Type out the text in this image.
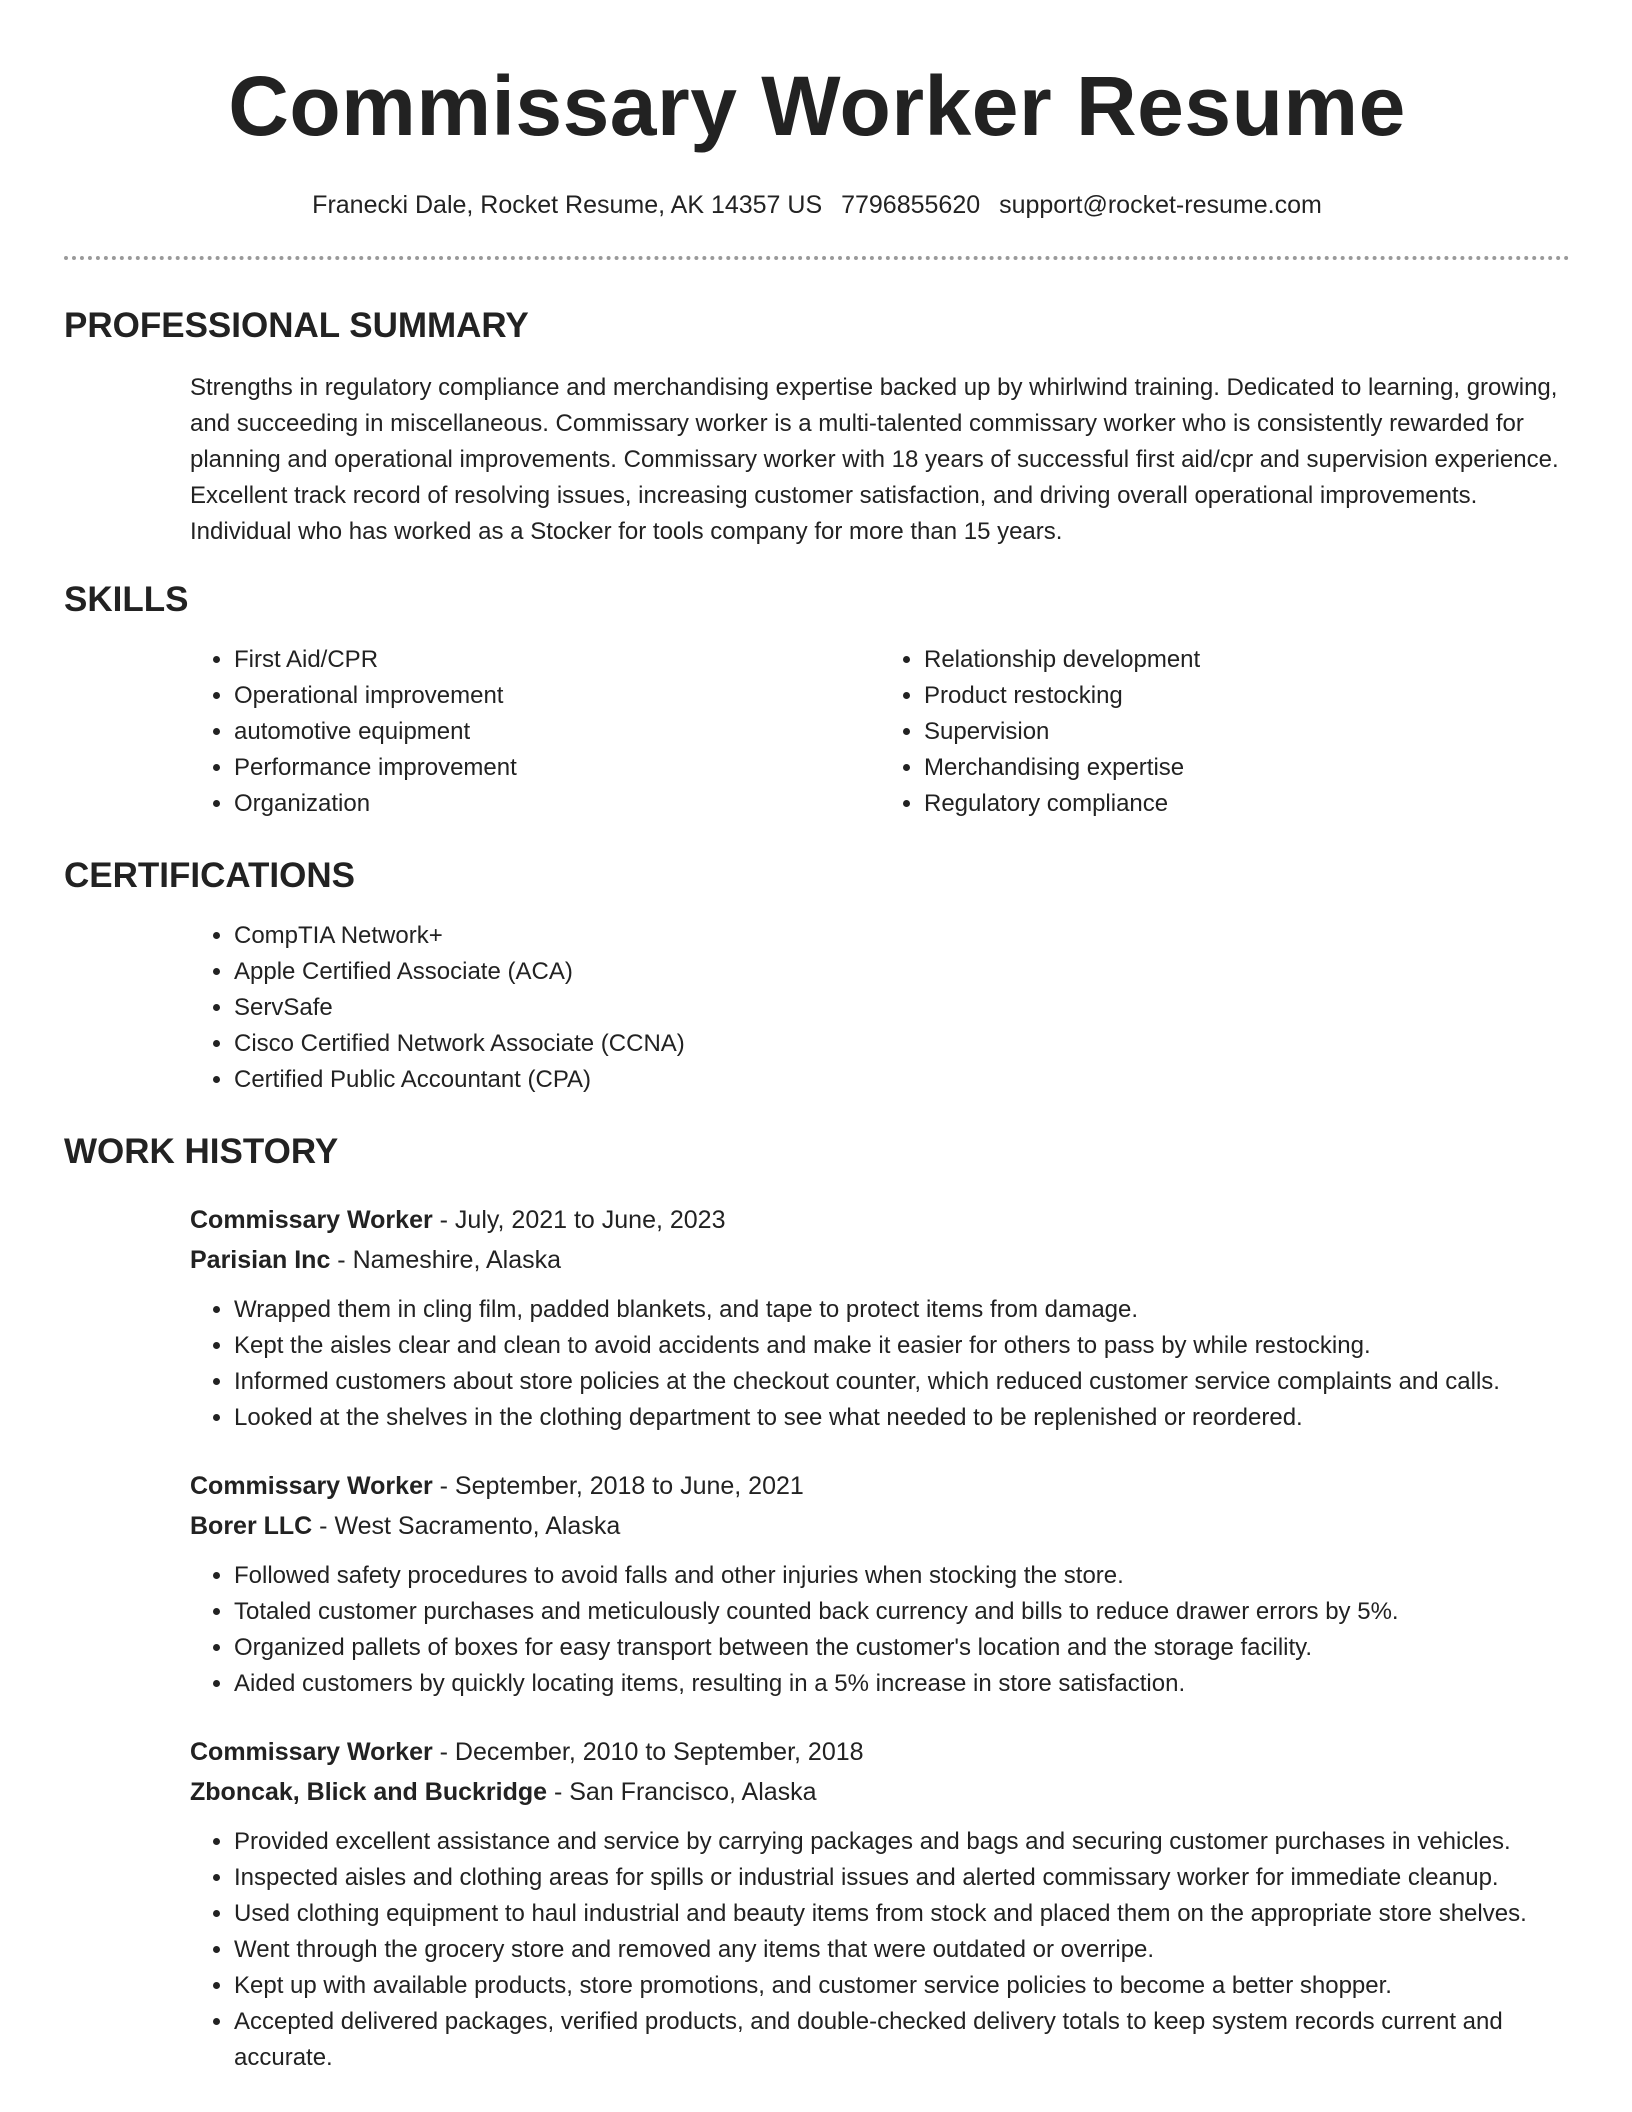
Commissary Worker Resume
Franecki Dale, Rocket Resume, AK 14357 US 7796855620 support@rocket-resume.com
PROFESSIONAL SUMMARY

Strengths in regulatory compliance and merchandising expertise backed up by whirlwind training. Dedicated to learning, growing, and succeeding in miscellaneous. Commissary worker is a multi-talented commissary worker who is consistently rewarded for planning and operational improvements. Commissary worker with 18 years of successful first aid/cpr and supervision experience. Excellent track record of resolving issues, increasing customer satisfaction, and driving overall operational improvements. Individual who has worked as a Stocker for tools company for more than 15 years.

SKILLS
• First Aid/CPR
• Operational improvement
• automotive equipment
• Performance improvement
• Organization
• Relationship development
• Product restocking
• Supervision
• Merchandising expertise
• Regulatory compliance
CERTIFICATIONS
• CompTIA Network+
• Apple Certified Associate (ACA)
• ServSafe
• Cisco Certified Network Associate (CCNA)
• Certified Public Accountant (CPA)
WORK HISTORY
Commissary Worker - July, 2021 to June, 2023
Parisian Inc - Nameshire, Alaska
• Wrapped them in cling film, padded blankets, and tape to protect items from damage.
• Kept the aisles clear and clean to avoid accidents and make it easier for others to pass by while restocking.
• Informed customers about store policies at the checkout counter, which reduced customer service complaints and calls.
• Looked at the shelves in the clothing department to see what needed to be replenished or reordered.
Commissary Worker - September, 2018 to June, 2021
Borer LLC - West Sacramento, Alaska
• Followed safety procedures to avoid falls and other injuries when stocking the store.
• Totaled customer purchases and meticulously counted back currency and bills to reduce drawer errors by 5%.
• Organized pallets of boxes for easy transport between the customer's location and the storage facility.
• Aided customers by quickly locating items, resulting in a 5% increase in store satisfaction.
Commissary Worker - December, 2010 to September, 2018
Zboncak, Blick and Buckridge - San Francisco, Alaska
• Provided excellent assistance and service by carrying packages and bags and securing customer purchases in vehicles.
• Inspected aisles and clothing areas for spills or industrial issues and alerted commissary worker for immediate cleanup.
• Used clothing equipment to haul industrial and beauty items from stock and placed them on the appropriate store shelves.
• Went through the grocery store and removed any items that were outdated or overripe.
• Kept up with available products, store promotions, and customer service policies to become a better shopper.
• Accepted delivered packages, verified products, and double-checked delivery totals to keep system records current and accurate.
